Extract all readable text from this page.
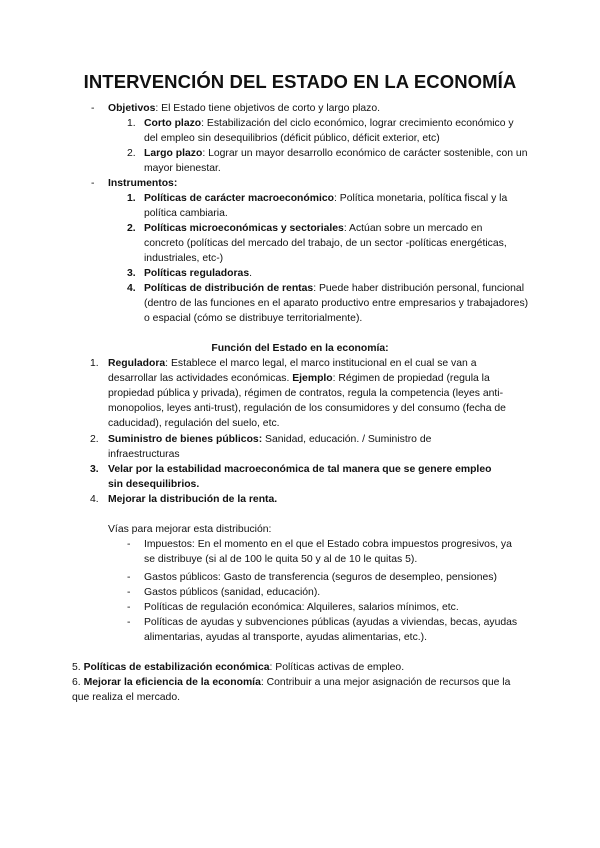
INTERVENCIÓN DEL ESTADO EN LA ECONOMÍA
- Objetivos: El Estado tiene objetivos de corto y largo plazo.
1. Corto plazo: Estabilización del ciclo económico, lograr crecimiento económico y del empleo sin desequilibrios (déficit público, déficit exterior, etc)
2. Largo plazo: Lograr un mayor desarrollo económico de carácter sostenible, con un mayor bienestar.
- Instrumentos:
1. Políticas de carácter macroeconómico: Política monetaria, política fiscal y la política cambiaria.
2. Políticas microeconómicas y sectoriales: Actúan sobre un mercado en concreto (políticas del mercado del trabajo, de un sector -políticas energéticas, industriales, etc-)
3. Políticas reguladoras.
4. Políticas de distribución de rentas: Puede haber distribución personal, funcional (dentro de las funciones en el aparato productivo entre empresarios y trabajadores) o espacial (cómo se distribuye territorialmente).
Función del Estado en la economía:
1. Reguladora: Establece el marco legal, el marco institucional en el cual se van a desarrollar las actividades económicas. Ejemplo: Régimen de propiedad (regula la propiedad pública y privada), régimen de contratos, regula la competencia (leyes anti-monopolios, leyes anti-trust), regulación de los consumidores y del consumo (fecha de caducidad), regulación del suelo, etc.
2. Suministro de bienes públicos: Sanidad, educación. / Suministro de infraestructuras
3. Velar por la estabilidad macroeconómica de tal manera que se genere empleo sin desequilibrios.
4. Mejorar la distribución de la renta.
Vías para mejorar esta distribución:
- Impuestos: En el momento en el que el Estado cobra impuestos progresivos, ya se distribuye (si al de 100 le quita 50 y al de 10 le quitas 5).
- Gastos públicos: Gasto de transferencia (seguros de desempleo, pensiones)
- Gastos públicos (sanidad, educación).
- Políticas de regulación económica: Alquileres, salarios mínimos, etc.
- Políticas de ayudas y subvenciones públicas (ayudas a viviendas, becas, ayudas alimentarias, ayudas al transporte, ayudas alimentarias, etc.).
5. Políticas de estabilización económica: Políticas activas de empleo.
6. Mejorar la eficiencia de la economía: Contribuir a una mejor asignación de recursos que la que realiza el mercado.
